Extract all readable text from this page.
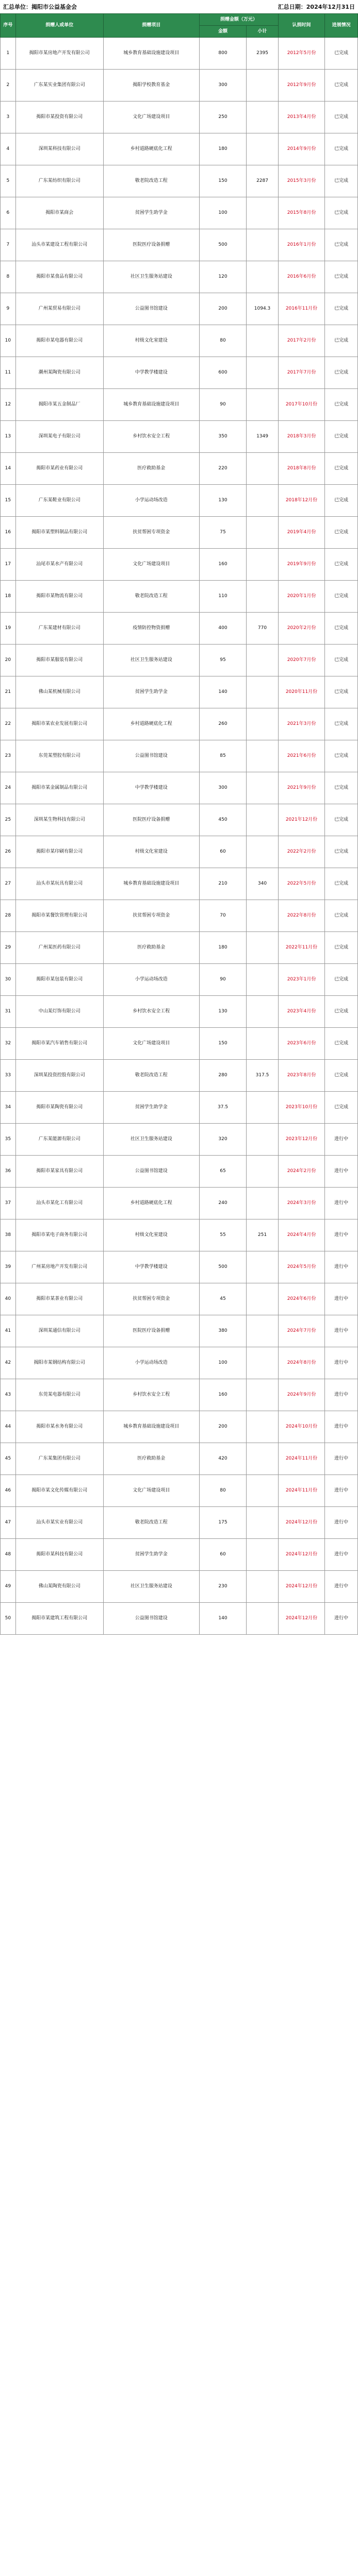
汇总单位：揭阳市公益基金会	汇总日期：2024年12月31日
序号	捐赠人或单位	捐赠项目	捐赠金额（万元）		认捐时间	进展情况
			金额	小计		
1	揭阳市某房地产开发有限公司	城乡教育基础设施建设项目	800	2395	2012年5月份	已完成
2	广东某实业集团有限公司	揭阳学校教育基金	300		2012年9月份	已完成
3	揭阳市某投资有限公司	文化广场建设项目	250		2013年4月份	已完成
4	深圳某科技有限公司	乡村道路硬底化工程	180		2014年9月份	已完成
5	广东某纺织有限公司	敬老院改造工程	150	2287	2015年3月份	已完成
6	揭阳市某商会	贫困学生助学金	100		2015年8月份	已完成
7	汕头市某建设工程有限公司	医院医疗设备捐赠	500		2016年1月份	已完成
8	揭阳市某食品有限公司	社区卫生服务站建设	120		2016年6月份	已完成
9	广州某贸易有限公司	公益图书馆建设	200	1094.3	2016年11月份	已完成
10	揭阳市某电器有限公司	村级文化室建设	80		2017年2月份	已完成
11	潮州某陶瓷有限公司	中学教学楼建设	600		2017年7月份	已完成
12	揭阳市某五金制品厂	城乡教育基础设施建设项目	90		2017年10月份	已完成
13	深圳某电子有限公司	乡村饮水安全工程	350	1349	2018年3月份	已完成
14	揭阳市某药业有限公司	医疗救助基金	220		2018年8月份	已完成
15	广东某鞋业有限公司	小学运动场改造	130		2018年12月份	已完成
16	揭阳市某塑料制品有限公司	扶贫帮困专项资金	75		2019年4月份	已完成
17	汕尾市某水产有限公司	文化广场建设项目	160		2019年9月份	已完成
18	揭阳市某物流有限公司	敬老院改造工程	110		2020年1月份	已完成
19	广东某建材有限公司	疫情防控物资捐赠	400	770	2020年2月份	已完成
20	揭阳市某服装有限公司	社区卫生服务站建设	95		2020年7月份	已完成
21	佛山某机械有限公司	贫困学生助学金	140		2020年11月份	已完成
22	揭阳市某农业发展有限公司	乡村道路硬底化工程	260		2021年3月份	已完成
23	东莞某塑胶有限公司	公益图书馆建设	85		2021年6月份	已完成
24	揭阳市某金属制品有限公司	中学教学楼建设	300		2021年9月份	已完成
25	深圳某生物科技有限公司	医院医疗设备捐赠	450		2021年12月份	已完成
26	揭阳市某印刷有限公司	村级文化室建设	60		2022年2月份	已完成
27	汕头市某玩具有限公司	城乡教育基础设施建设项目	210	340	2022年5月份	已完成
28	揭阳市某餐饮管理有限公司	扶贫帮困专项资金	70		2022年8月份	已完成
29	广州某医药有限公司	医疗救助基金	180		2022年11月份	已完成
30	揭阳市某包装有限公司	小学运动场改造	90		2023年1月份	已完成
31	中山某灯饰有限公司	乡村饮水安全工程	130		2023年4月份	已完成
32	揭阳市某汽车销售有限公司	文化广场建设项目	150		2023年6月份	已完成
33	深圳某投资控股有限公司	敬老院改造工程	280	317.5	2023年8月份	已完成
34	揭阳市某陶瓷有限公司	贫困学生助学金	37.5		2023年10月份	已完成
35	广东某能源有限公司	社区卫生服务站建设	320		2023年12月份	进行中
36	揭阳市某家具有限公司	公益图书馆建设	65		2024年2月份	进行中
37	汕头市某化工有限公司	乡村道路硬底化工程	240		2024年3月份	进行中
38	揭阳市某电子商务有限公司	村级文化室建设	55	251	2024年4月份	进行中
39	广州某房地产开发有限公司	中学教学楼建设	500		2024年5月份	进行中
40	揭阳市某茶业有限公司	扶贫帮困专项资金	45		2024年6月份	进行中
41	深圳某通信有限公司	医院医疗设备捐赠	380		2024年7月份	进行中
42	揭阳市某钢结构有限公司	小学运动场改造	100		2024年8月份	进行中
43	东莞某电器有限公司	乡村饮水安全工程	160		2024年9月份	进行中
44	揭阳市某水务有限公司	城乡教育基础设施建设项目	200		2024年10月份	进行中
45	广东某集团有限公司	医疗救助基金	420		2024年11月份	进行中
46	揭阳市某文化传媒有限公司	文化广场建设项目	80		2024年11月份	进行中
47	汕头市某实业有限公司	敬老院改造工程	175		2024年12月份	进行中
48	揭阳市某科技有限公司	贫困学生助学金	60		2024年12月份	进行中
49	佛山某陶瓷有限公司	社区卫生服务站建设	230		2024年12月份	进行中
50	揭阳市某建筑工程有限公司	公益图书馆建设	140		2024年12月份	进行中
